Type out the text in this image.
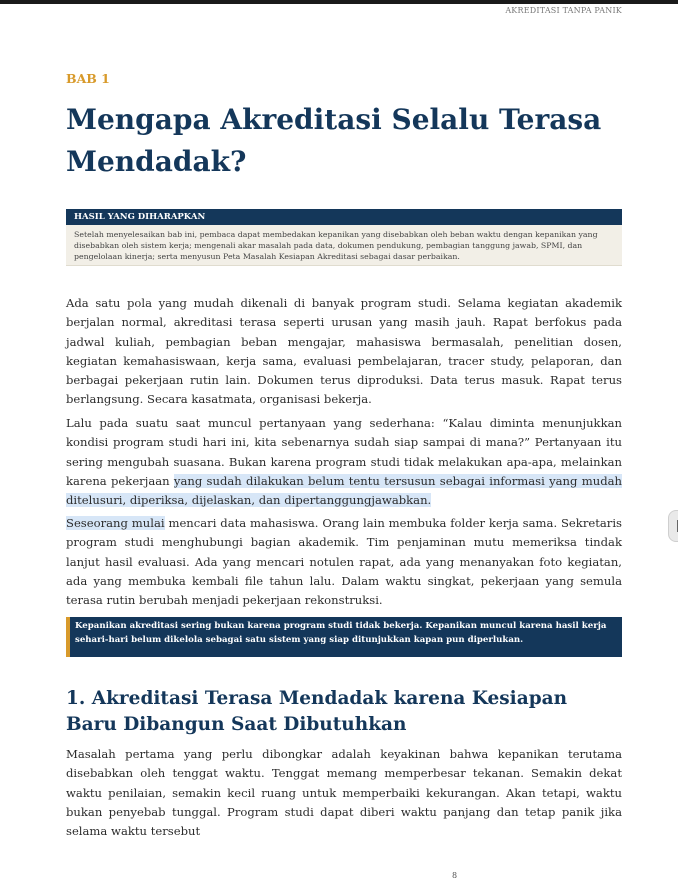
AKREDITASI TANPA PANIK
BAB 1
Mengapa Akreditasi Selalu Terasa Mendadak?
HASIL YANG DIHARAPKAN
Setelah menyelesaikan bab ini, pembaca dapat membedakan kepanikan yang disebabkan oleh beban waktu dengan kepanikan yang disebabkan oleh sistem kerja; mengenali akar masalah pada data, dokumen pendukung, pembagian tanggung jawab, SPMI, dan pengelolaan kinerja; serta menyusun Peta Masalah Kesiapan Akreditasi sebagai dasar perbaikan.

Ada satu pola yang mudah dikenali di banyak program studi. Selama kegiatan akademik berjalan normal, akreditasi terasa seperti urusan yang masih jauh. Rapat berfokus pada jadwal kuliah, pembagian beban mengajar, mahasiswa bermasalah, penelitian dosen, kegiatan kemahasiswaan, kerja sama, evaluasi pembelajaran, tracer study, pelaporan, dan berbagai pekerjaan rutin lain. Dokumen terus diproduksi. Data terus masuk. Rapat terus berlangsung. Secara kasatmata, organisasi bekerja.

Lalu pada suatu saat muncul pertanyaan yang sederhana: “Kalau diminta menunjukkan kondisi program studi hari ini, kita sebenarnya sudah siap sampai di mana?” Pertanyaan itu sering mengubah suasana. Bukan karena program studi tidak melakukan apa-apa, melainkan karena pekerjaan yang sudah dilakukan belum tentu tersusun sebagai informasi yang mudah ditelusuri, diperiksa, dijelaskan, dan dipertanggungjawabkan.

Seseorang mulai mencari data mahasiswa. Orang lain membuka folder kerja sama. Sekretaris program studi menghubungi bagian akademik. Tim penjaminan mutu memeriksa tindak lanjut hasil evaluasi. Ada yang mencari notulen rapat, ada yang menanyakan foto kegiatan, ada yang membuka kembali file tahun lalu. Dalam waktu singkat, pekerjaan yang semula terasa rutin berubah menjadi pekerjaan rekonstruksi.

Kepanikan akreditasi sering bukan karena program studi tidak bekerja. Kepanikan muncul karena hasil kerja sehari-hari belum dikelola sebagai satu sistem yang siap ditunjukkan kapan pun diperlukan.
1. Akreditasi Terasa Mendadak karena Kesiapan Baru Dibangun Saat Dibutuhkan

Masalah pertama yang perlu dibongkar adalah keyakinan bahwa kepanikan terutama disebabkan oleh tenggat waktu. Tenggat memang memperbesar tekanan. Semakin dekat waktu penilaian, semakin kecil ruang untuk memperbaiki kekurangan. Akan tetapi, waktu bukan penyebab tunggal. Program studi dapat diberi waktu panjang dan tetap panik jika selama waktu tersebut

8
